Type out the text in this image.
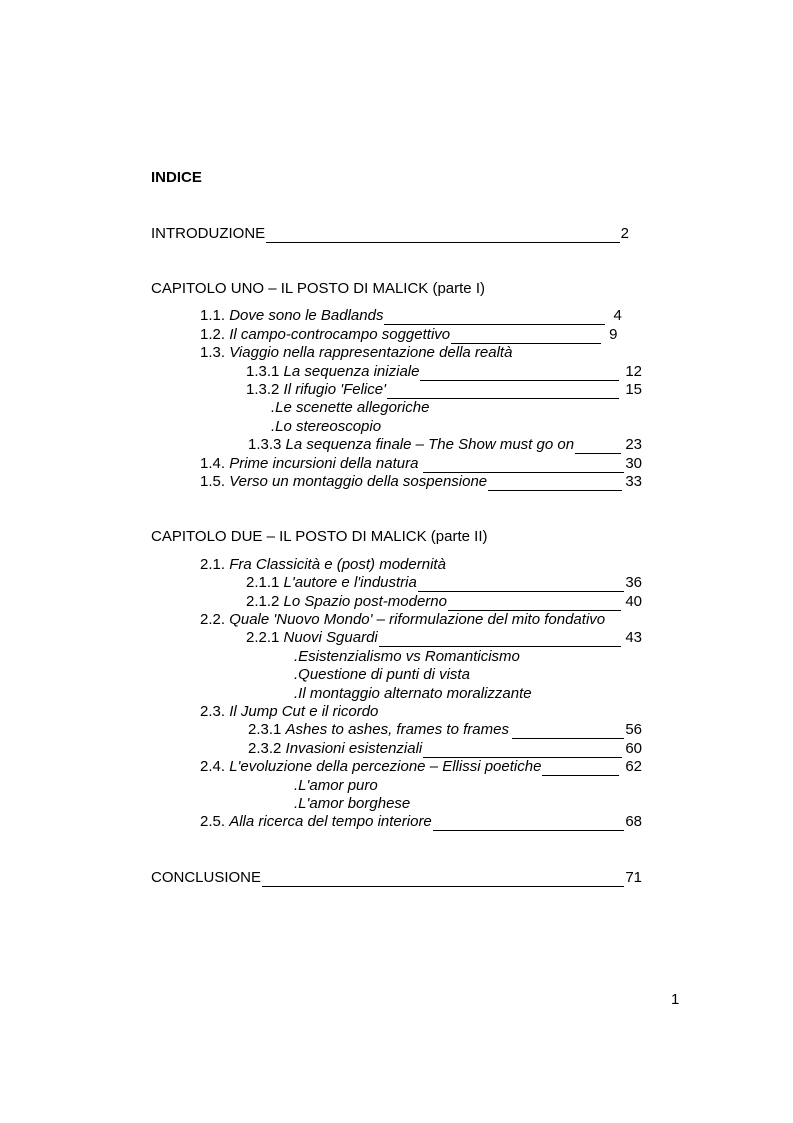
INDICE
INTRODUZIONE	2
CAPITOLO UNO – IL POSTO DI MALICK (parte I)
1.1. Dove sono le Badlands	4
1.2. Il campo-controcampo soggettivo	9
1.3. Viaggio nella rappresentazione della realtà
1.3.1 La sequenza iniziale	12
1.3.2 Il rifugio 'Felice'	15
.Le scenette allegoriche
.Lo stereoscopio
1.3.3 La sequenza finale – The Show must go on	23
1.4. Prime incursioni della natura	30
1.5. Verso un montaggio della sospensione	33
CAPITOLO DUE – IL POSTO DI MALICK (parte II)
2.1. Fra Classicità e (post) modernità
2.1.1 L'autore e l'industria	36
2.1.2 Lo Spazio post-moderno	40
2.2. Quale 'Nuovo Mondo' – riformulazione del mito fondativo
2.2.1 Nuovi Sguardi	43
.Esistenzialismo vs Romanticismo
.Questione di punti di vista
.Il montaggio alternato moralizzante
2.3. Il Jump Cut e il ricordo
2.3.1 Ashes to ashes, frames to frames	56
2.3.2 Invasioni esistenziali	60
2.4. L'evoluzione della percezione – Ellissi poetiche	62
.L'amor puro
.L'amor borghese
2.5. Alla ricerca del tempo interiore	68
CONCLUSIONE	71
1
